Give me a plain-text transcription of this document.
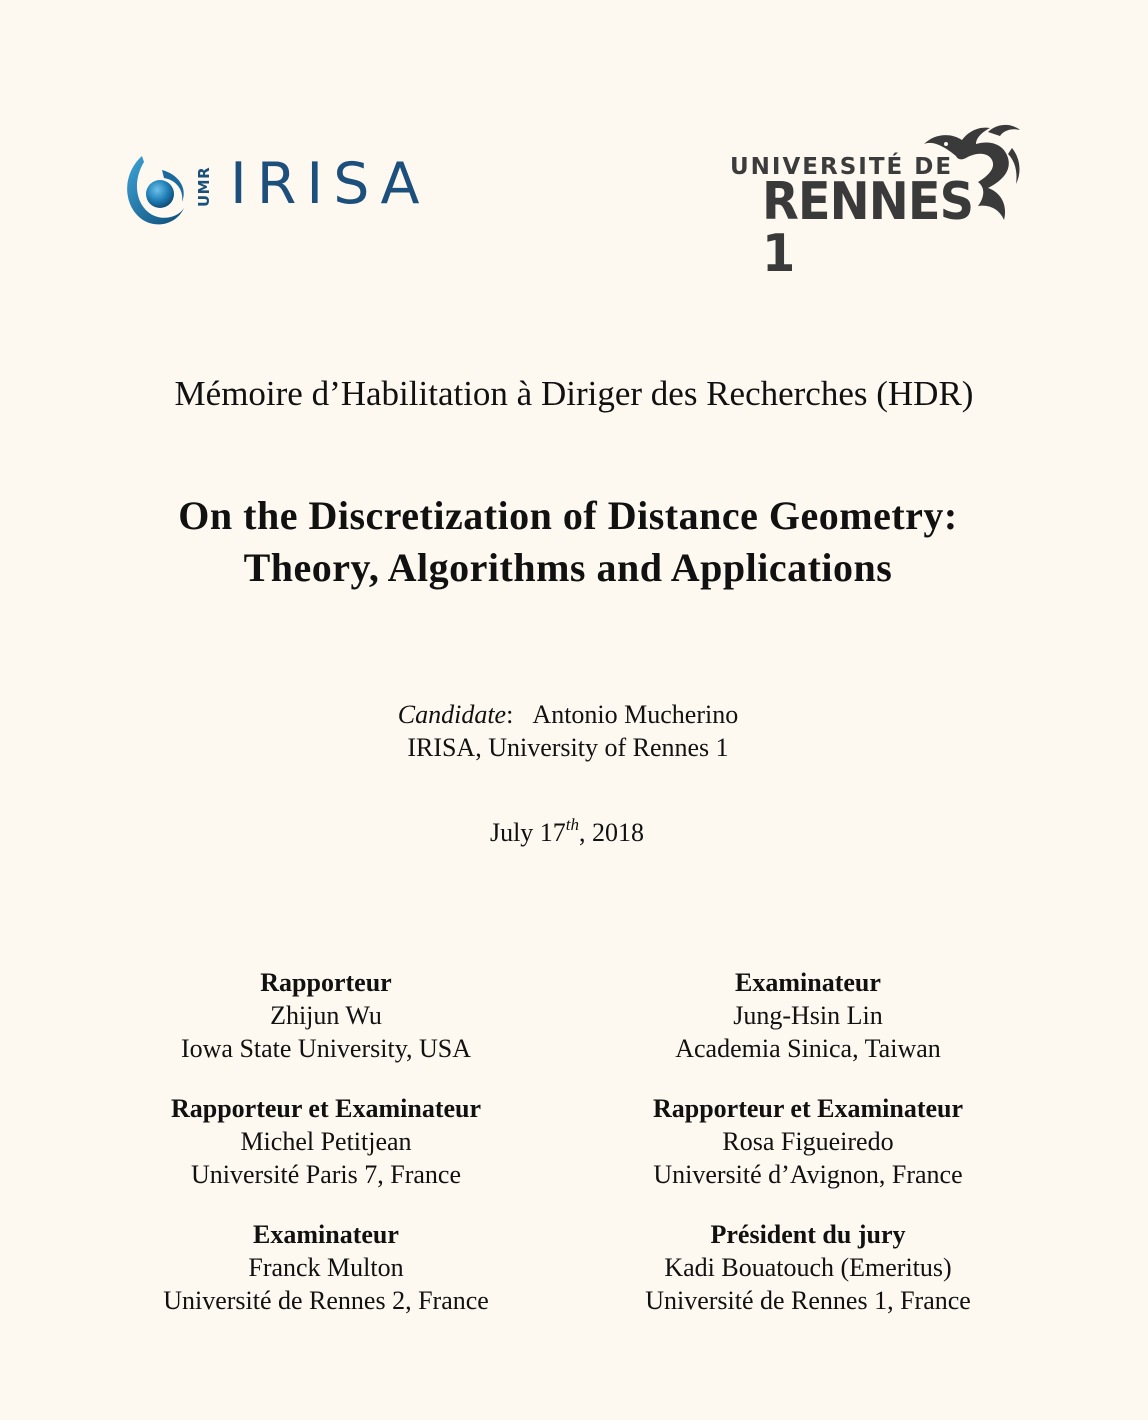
UMR IRISA	UNIVERSITÉ DE
RENNES 1
Mémoire d’Habilitation à Diriger des Recherches (HDR)
On the Discretization of Distance Geometry:
Theory, Algorithms and Applications
Candidate: Antonio Mucherino
IRISA, University of Rennes 1
July 17th, 2018
Rapporteur
Zhijun Wu
Iowa State University, USA
Rapporteur et Examinateur
Michel Petitjean
Université Paris 7, France
Examinateur
Franck Multon
Université de Rennes 2, France
Examinateur
Jung-Hsin Lin
Academia Sinica, Taiwan
Rapporteur et Examinateur
Rosa Figueiredo
Université d’Avignon, France
Président du jury
Kadi Bouatouch (Emeritus)
Université de Rennes 1, France
